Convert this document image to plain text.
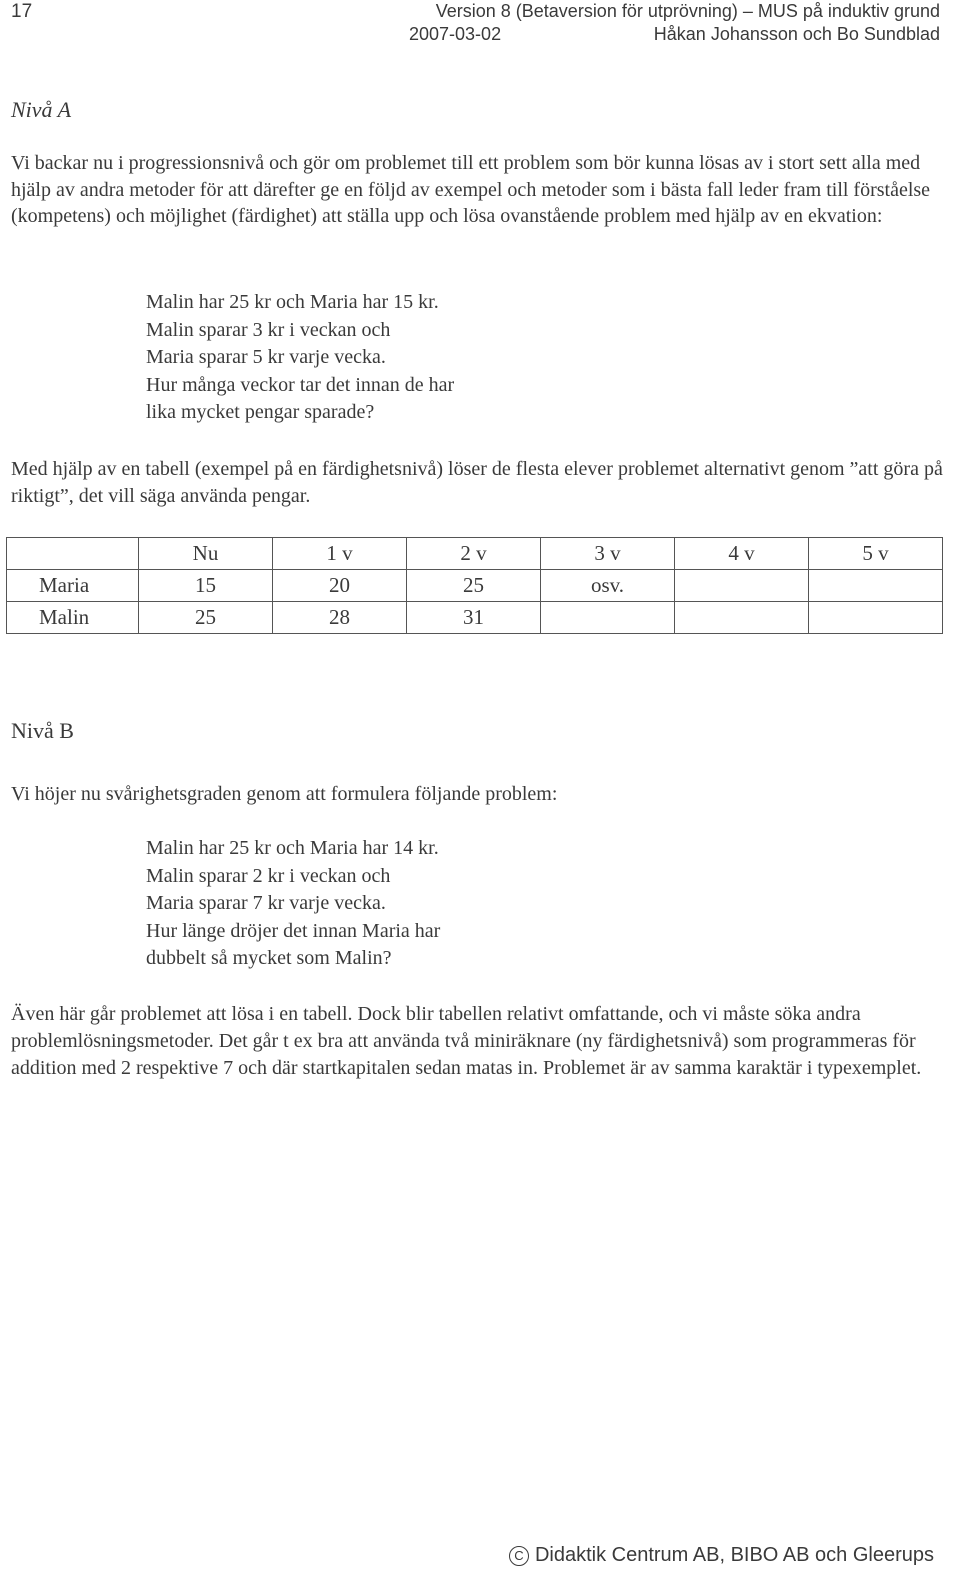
17	Version 8 (Betaversion för utprövning) – MUS på induktiv grund
2007-03-02	Håkan Johansson och Bo Sundblad
Nivå A
Vi backar nu i progressionsnivå och gör om problemet till ett problem som bör kunna lösas av i stort sett alla med hjälp av andra metoder för att därefter ge en följd av exempel och metoder som i bästa fall leder fram till förståelse (kompetens) och möjlighet (färdighet) att ställa upp och lösa ovanstående problem med hjälp av en ekvation:
Malin har 25 kr och Maria har 15 kr.
Malin sparar 3 kr i veckan och
Maria sparar 5 kr varje vecka.
Hur många veckor tar det innan de har
lika mycket pengar sparade?
Med hjälp av en tabell (exempel på en färdighetsnivå) löser de flesta elever problemet alternativt genom ”att göra på riktigt”, det vill säga använda pengar.
	Nu	1 v	2 v	3 v	4 v	5 v
Maria	15	20	25	osv.		
Malin	25	28	31			
Nivå B
Vi höjer nu svårighetsgraden genom att formulera följande problem:
Malin har 25 kr och Maria har 14 kr.
Malin sparar 2 kr i veckan och
Maria sparar 7 kr varje vecka.
Hur länge dröjer det innan Maria har
dubbelt så mycket som Malin?
Även här går problemet att lösa i en tabell. Dock blir tabellen relativt omfattande, och vi måste söka andra problemlösningsmetoder. Det går t ex bra att använda två miniräknare (ny färdighetsnivå) som programmeras för addition med 2 respektive 7 och där startkapitalen sedan matas in. Problemet är av samma karaktär i typexemplet.
C Didaktik Centrum AB, BIBO AB och Gleerups
